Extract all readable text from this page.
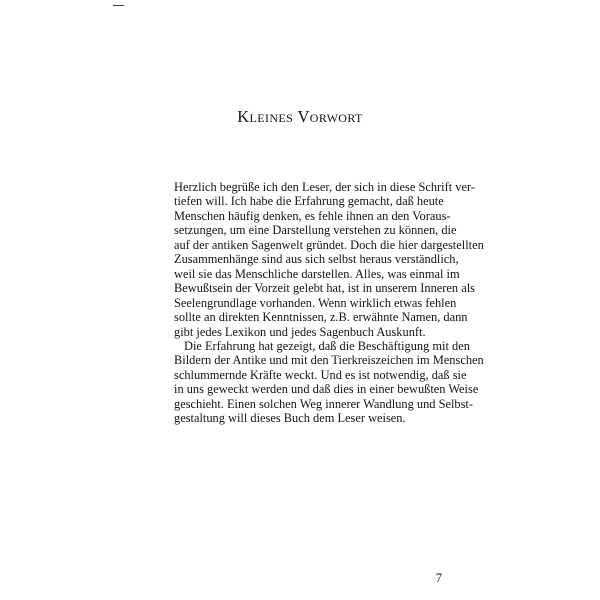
Kleines Vorwort
Herzlich begrüße ich den Leser, der sich in diese Schrift ver-
tiefen will. Ich habe die Erfahrung gemacht, daß heute
Menschen häufig denken, es fehle ihnen an den Voraus-
setzungen, um eine Darstellung verstehen zu können, die
auf der antiken Sagenwelt gründet. Doch die hier dargestellten
Zusammenhänge sind aus sich selbst heraus verständlich,
weil sie das Menschliche darstellen. Alles, was einmal im
Bewußtsein der Vorzeit gelebt hat, ist in unserem Inneren als
Seelengrundlage vorhanden. Wenn wirklich etwas fehlen
sollte an direkten Kenntnissen, z.B. erwähnte Namen, dann
gibt jedes Lexikon und jedes Sagenbuch Auskunft.
Die Erfahrung hat gezeigt, daß die Beschäftigung mit den
Bildern der Antike und mit den Tierkreiszeichen im Menschen
schlummernde Kräfte weckt. Und es ist notwendig, daß sie
in uns geweckt werden und daß dies in einer bewußten Weise
geschieht. Einen solchen Weg innerer Wandlung und Selbst-
gestaltung will dieses Buch dem Leser weisen.
7
